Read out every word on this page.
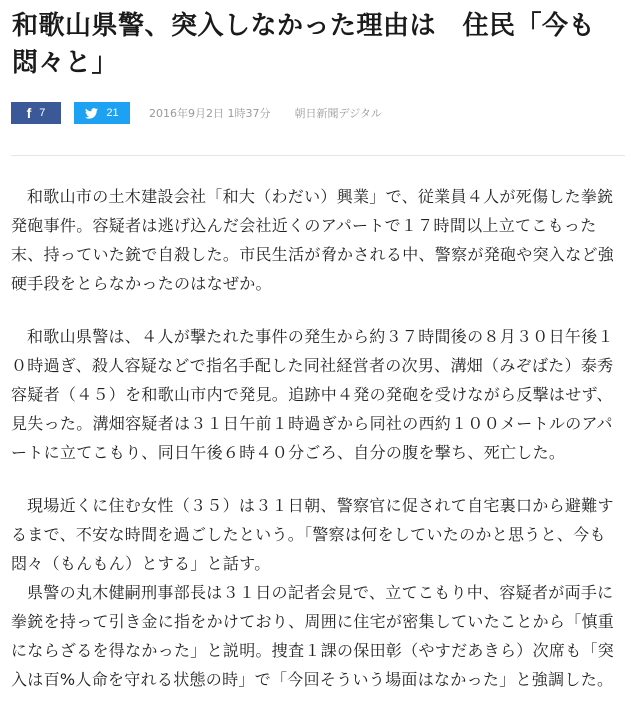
和歌山県警、突入しなかった理由は　住民「今も悶々と」
f 7	21	2016年9月2日 1時37分 朝日新聞デジタル

和歌山市の土木建設会社「和大（わだい）興業」で、従業員４人が死傷した拳銃発砲事件。容疑者は逃げ込んだ会社近くのアパートで１７時間以上立てこもった末、持っていた銃で自殺した。市民生活が脅かされる中、警察が発砲や突入など強硬手段をとらなかったのはなぜか。

和歌山県警は、４人が撃たれた事件の発生から約３７時間後の８月３０日午後１０時過ぎ、殺人容疑などで指名手配した同社経営者の次男、溝畑（みぞばた）泰秀容疑者（４５）を和歌山市内で発見。追跡中４発の発砲を受けながら反撃はせず、見失った。溝畑容疑者は３１日午前１時過ぎから同社の西約１００メートルのアパートに立てこもり、同日午後６時４０分ごろ、自分の腹を撃ち、死亡した。

現場近くに住む女性（３５）は３１日朝、警察官に促されて自宅裏口から避難するまで、不安な時間を過ごしたという。「警察は何をしていたのかと思うと、今も悶々（もんもん）とする」と話す。

県警の丸木健嗣刑事部長は３１日の記者会見で、立てこもり中、容疑者が両手に拳銃を持って引き金に指をかけており、周囲に住宅が密集していたことから「慎重にならざるを得なかった」と説明。捜査１課の保田彰（やすだあきら）次席も「突入は百%人命を守れる状態の時」で「今回そういう場面はなかった」と強調した。
